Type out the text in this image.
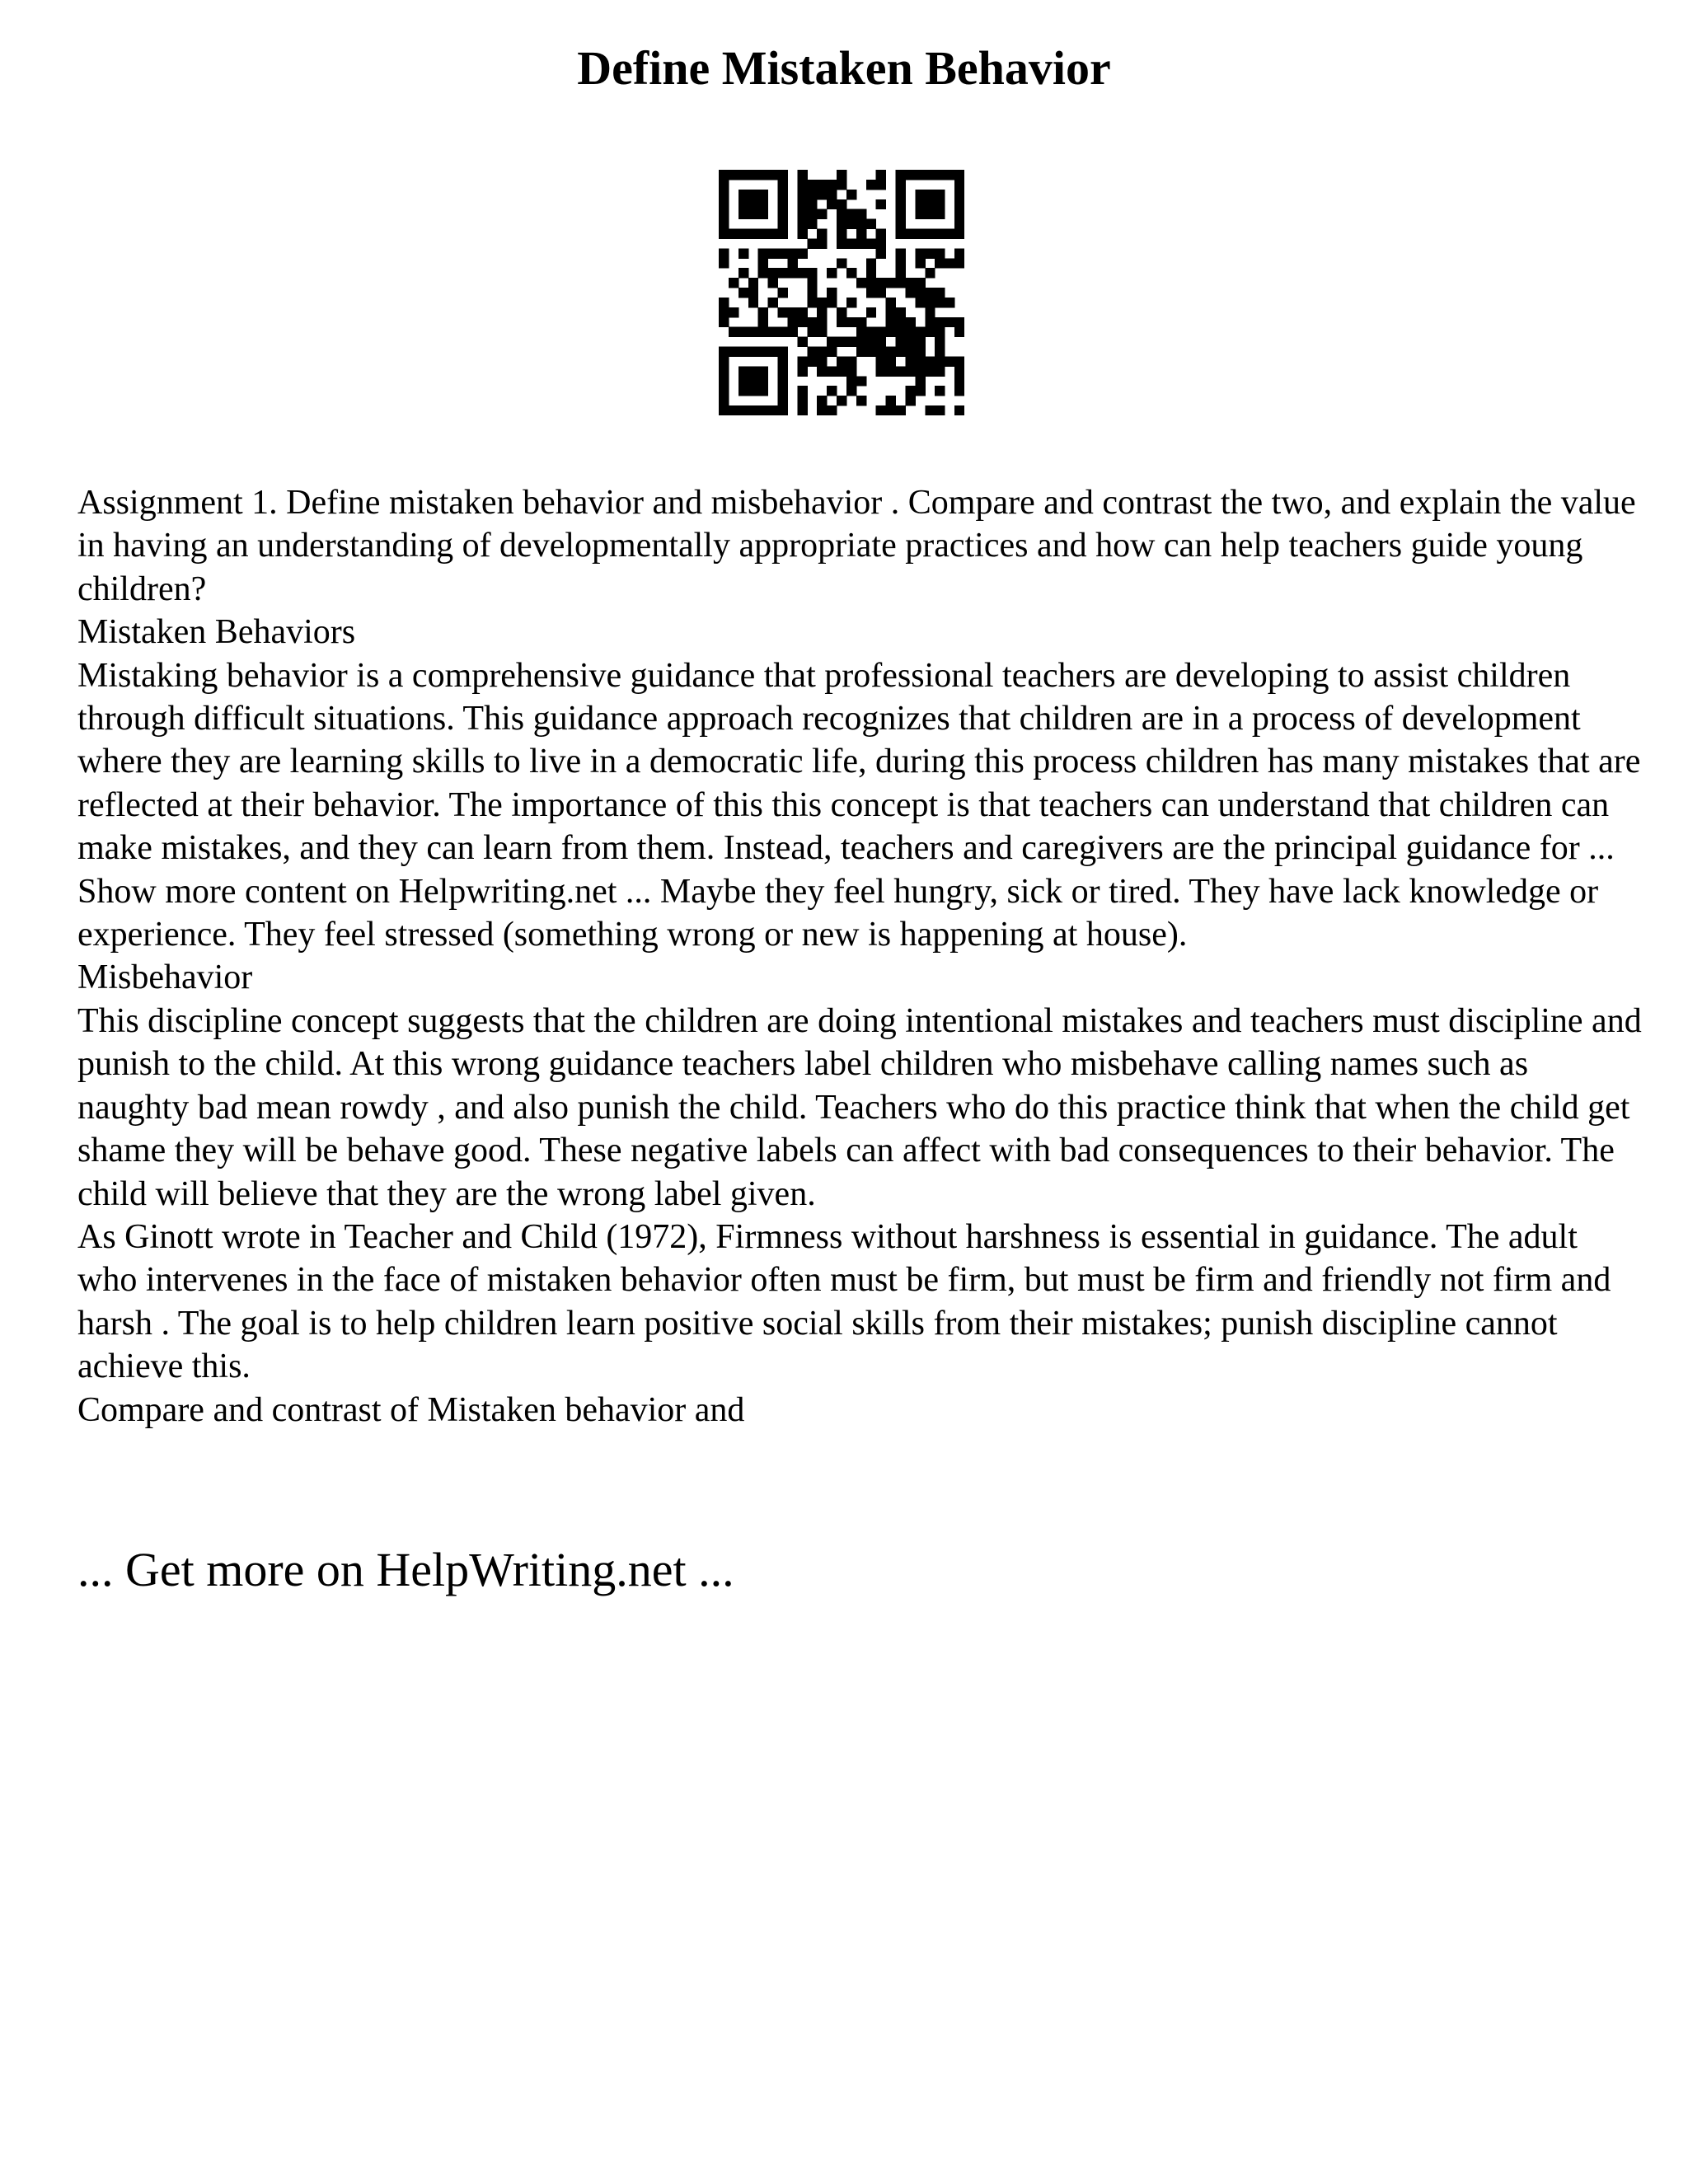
Define Mistaken Behavior

Assignment 1. Define mistaken behavior and misbehavior . Compare and contrast the two, and explain the value in having an understanding of developmentally appropriate practices and how can help teachers guide young children?

Mistaken Behaviors

Mistaking behavior is a comprehensive guidance that professional teachers are developing to assist children through difficult situations. This guidance approach recognizes that children are in a process of development where they are learning skills to live in a democratic life, during this process children has many mistakes that are reflected at their behavior. The importance of this this concept is that teachers can understand that children can make mistakes, and they can learn from them. Instead, teachers and caregivers are the principal guidance for ... Show more content on Helpwriting.net ... Maybe they feel hungry, sick or tired. They have lack knowledge or experience. They feel stressed (something wrong or new is happening at house).

Misbehavior

This discipline concept suggests that the children are doing intentional mistakes and teachers must discipline and punish to the child. At this wrong guidance teachers label children who misbehave calling names such as naughty bad mean rowdy , and also punish the child. Teachers who do this practice think that when the child get shame they will be behave good. These negative labels can affect with bad consequences to their behavior. The child will believe that they are the wrong label given.

As Ginott wrote in Teacher and Child (1972), Firmness without harshness is essential in guidance. The adult who intervenes in the face of mistaken behavior often must be firm, but must be firm and friendly not firm and harsh . The goal is to help children learn positive social skills from their mistakes; punish discipline cannot achieve this.

Compare and contrast of Mistaken behavior and

... Get more on HelpWriting.net ...
